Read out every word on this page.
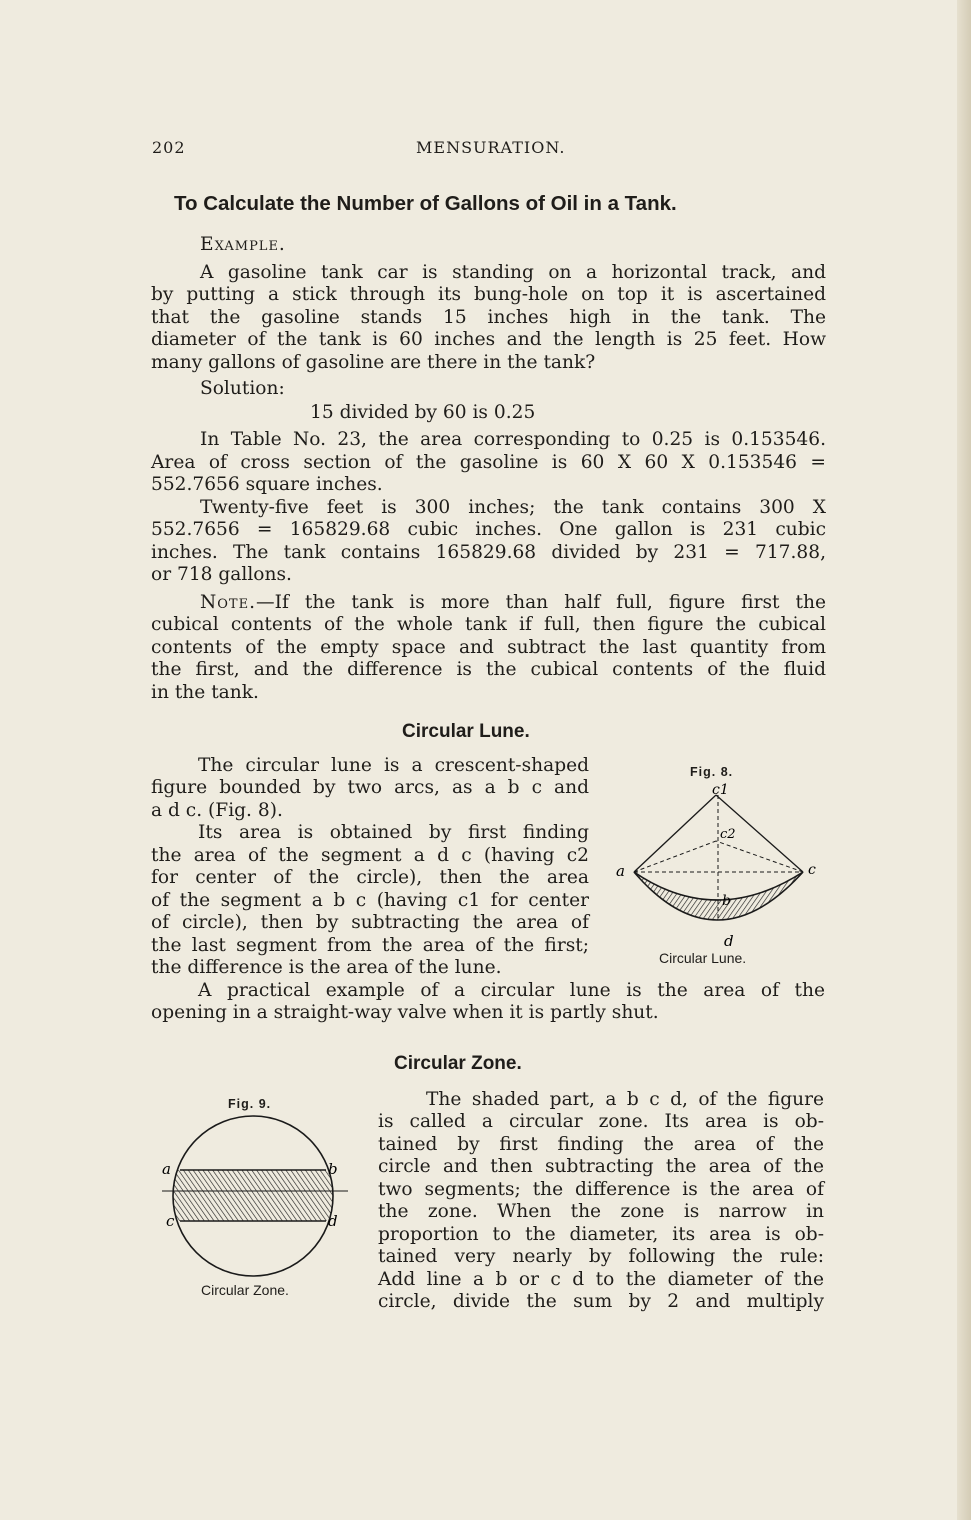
202	MENSURATION.
To Calculate the Number of Gallons of Oil in a Tank.
Example.
A gasoline tank car is standing on a horizontal track, and
by putting a stick through its bung-hole on top it is ascertained
that the gasoline stands 15 inches high in the tank. The
diameter of the tank is 60 inches and the length is 25 feet. How
many gallons of gasoline are there in the tank?
Solution:
15 divided by 60 is 0.25
In Table No. 23, the area corresponding to 0.25 is 0.153546.
Area of cross section of the gasoline is 60 X 60 X 0.153546 =
552.7656 square inches.
Twenty-five feet is 300 inches; the tank contains 300 X
552.7656 = 165829.68 cubic inches. One gallon is 231 cubic
inches. The tank contains 165829.68 divided by 231 = 717.88,
or 718 gallons.
Note.—If the tank is more than half full, figure first the
cubical contents of the whole tank if full, then figure the cubical
contents of the empty space and subtract the last quantity from
the first, and the difference is the cubical contents of the fluid
in the tank.
Circular Lune.
The circular lune is a crescent-shaped
figure bounded by two arcs, as a b c and
a d c. (Fig. 8).
Its area is obtained by first finding
the area of the segment a d c (having c2
for center of the circle), then the area
of the segment a b c (having c1 for center
of circle), then by subtracting the area of
the last segment from the area of the first;
the difference is the area of the lune.
A practical example of a circular lune is the area of the
opening in a straight-way valve when it is partly shut.
Fig. 8.
c1
c2
a
b
c
d
Circular Lune.
Circular Zone.
The shaded part, a b c d, of the figure
is called a circular zone. Its area is ob-
tained by first finding the area of the
circle and then subtracting the area of the
two segments; the difference is the area of
the zone. When the zone is narrow in
proportion to the diameter, its area is ob-
tained very nearly by following the rule:
Add line a b or c d to the diameter of the
circle, divide the sum by 2 and multiply
Fig. 9.
a	b
c	d
Circular Zone.
